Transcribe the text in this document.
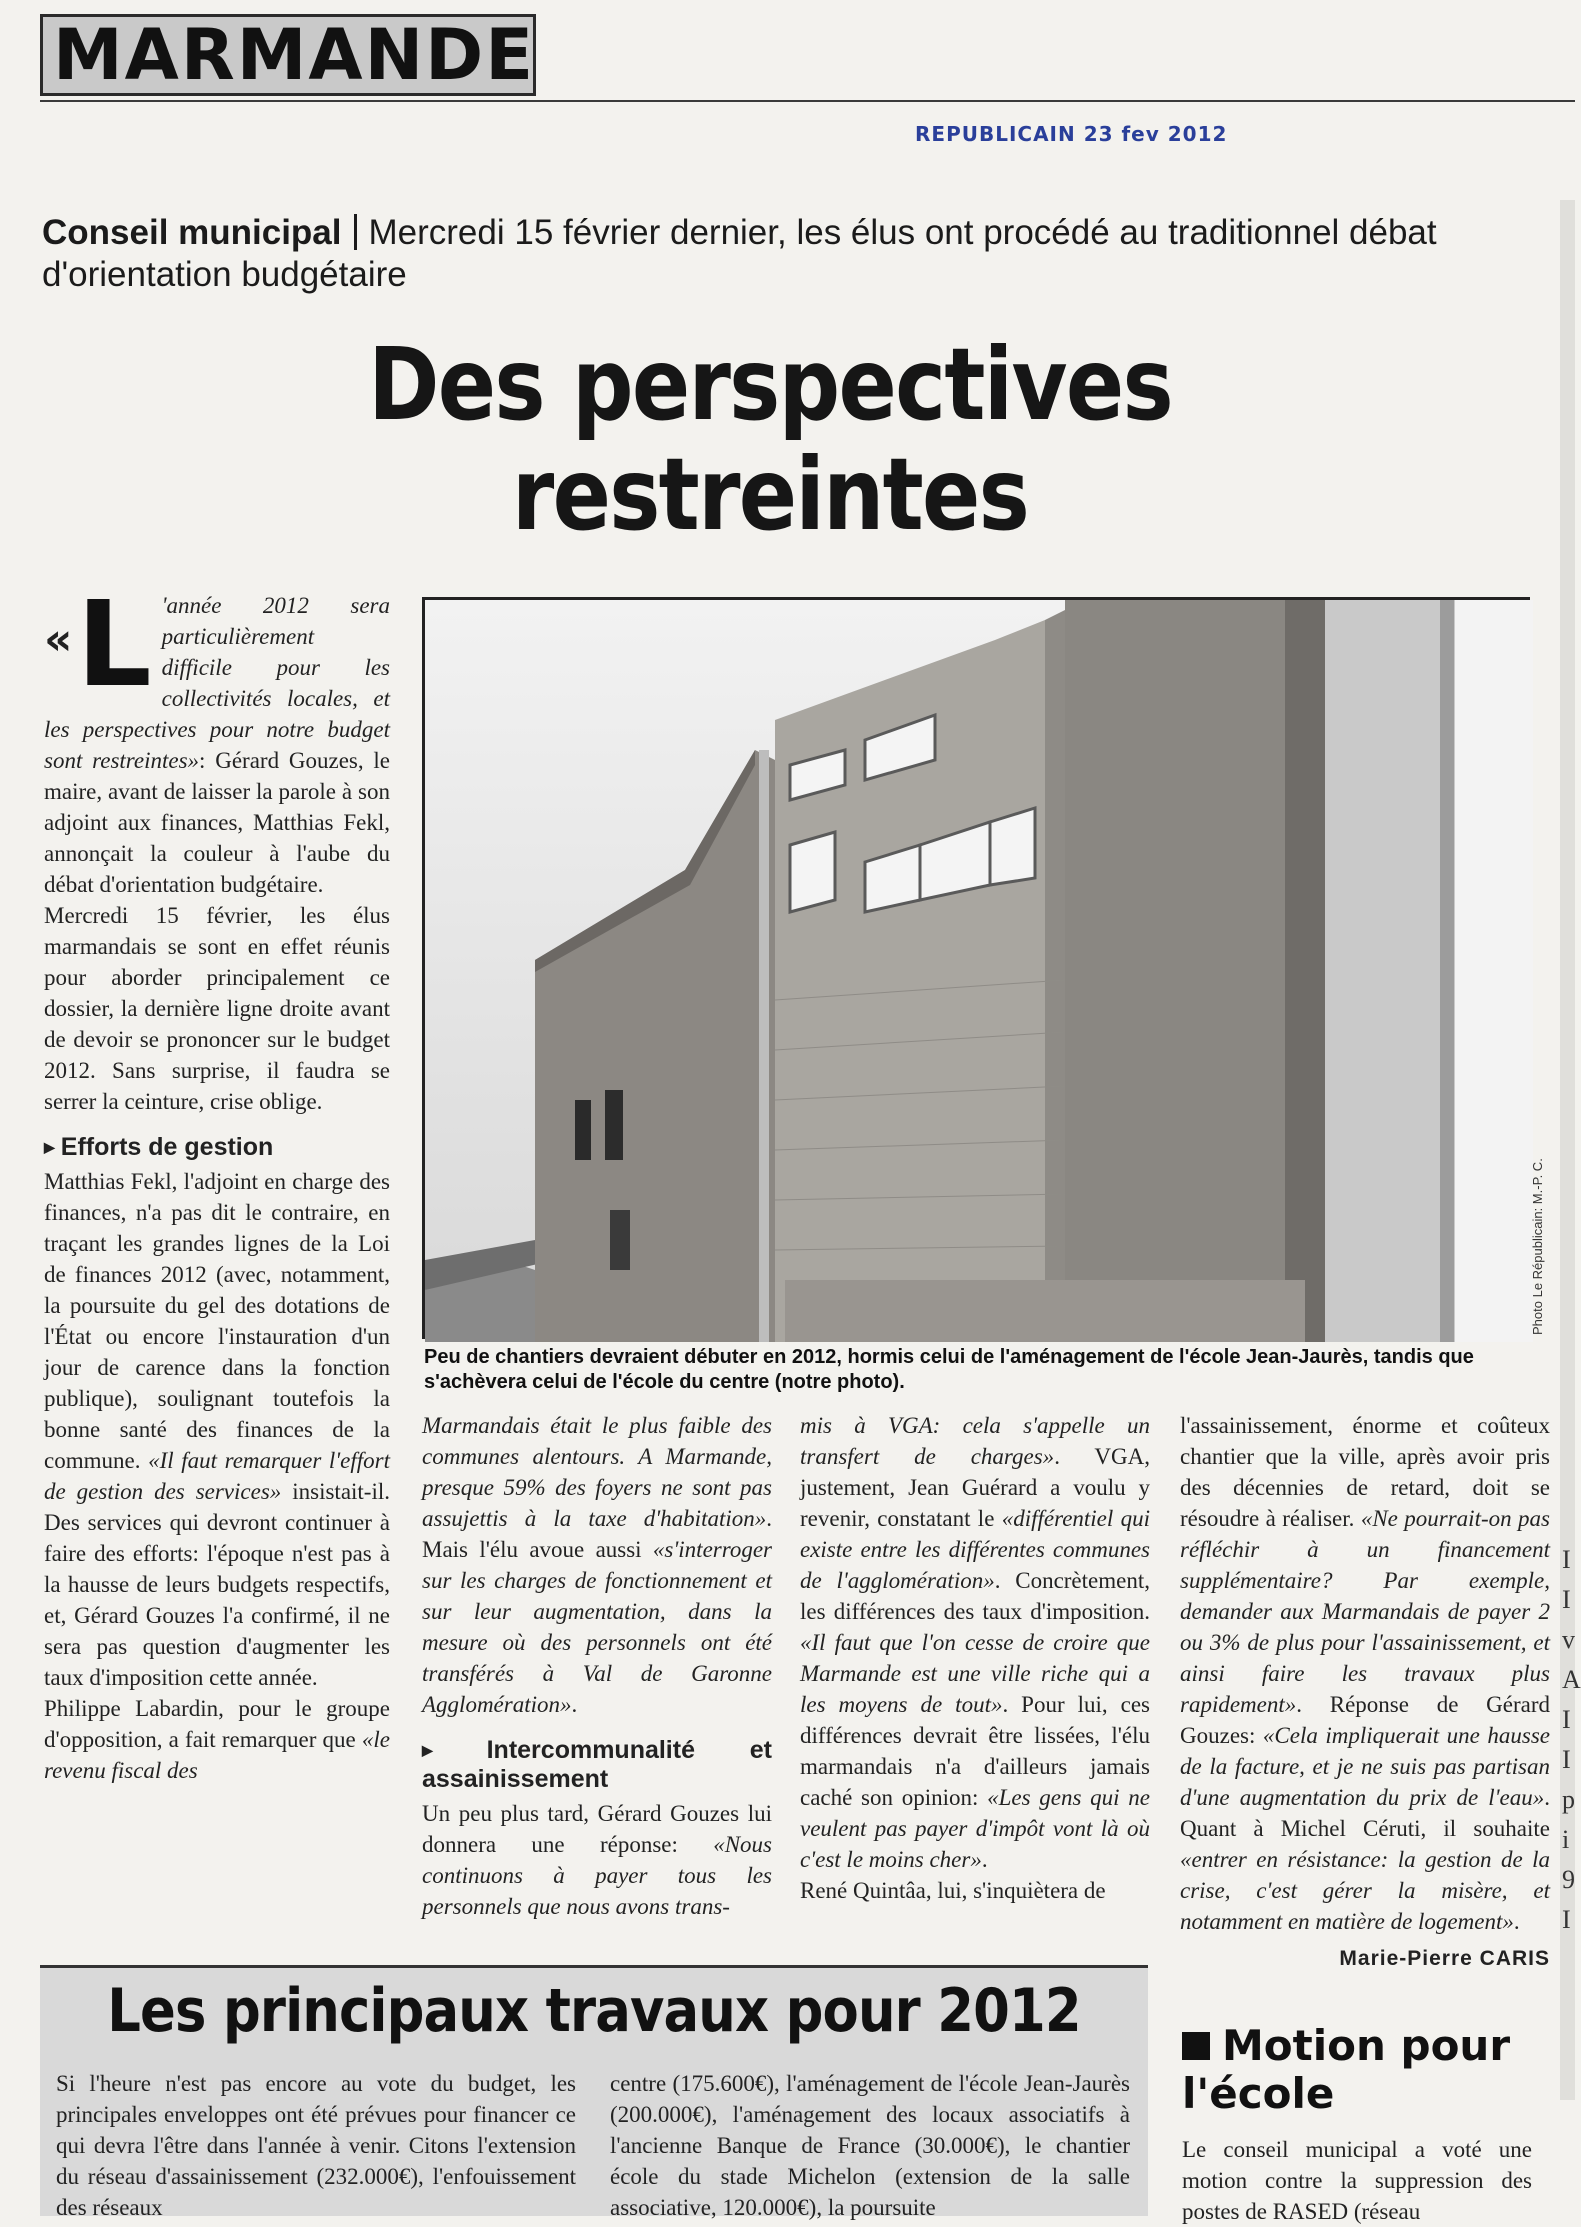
MARMANDE
REPUBLICAIN 23 fev 2012
Conseil municipal Mercredi 15 février dernier, les élus ont procédé au traditionnel débat d'orientation budgétaire
Des perspectives restreintes

« L 'année 2012 sera particulièrement difficile pour les collectivités locales, et les perspectives pour notre budget sont restreintes»: Gérard Gouzes, le maire, avant de laisser la parole à son adjoint aux finances, Matthias Fekl, annonçait la couleur à l'aube du débat d'orientation budgétaire.

Mercredi 15 février, les élus marmandais se sont en effet réunis pour aborder principalement ce dossier, la dernière ligne droite avant de devoir se prononcer sur le budget 2012. Sans surprise, il faudra se serrer la ceinture, crise oblige.

▶ Efforts de gestion

Matthias Fekl, l'adjoint en charge des finances, n'a pas dit le contraire, en traçant les grandes lignes de la Loi de finances 2012 (avec, notamment, la poursuite du gel des dotations de l'État ou encore l'instauration d'un jour de carence dans la fonction publique), soulignant toutefois la bonne santé des finances de la commune. «Il faut remarquer l'effort de gestion des services» insistait-il. Des services qui devront continuer à faire des efforts: l'époque n'est pas à la hausse de leurs budgets respectifs, et, Gérard Gouzes l'a confirmé, il ne sera pas question d'augmenter les taux d'imposition cette année.

Philippe Labardin, pour le groupe d'opposition, a fait remarquer que «le revenu fiscal des

Photo Le Républicain: M.-P. C.
Peu de chantiers devraient débuter en 2012, hormis celui de l'aménagement de l'école Jean-Jaurès, tandis que s'achèvera celui de l'école du centre (notre photo).

Marmandais était le plus faible des communes alentours. A Marmande, presque 59% des foyers ne sont pas assujettis à la taxe d'habitation». Mais l'élu avoue aussi «s'interroger sur les charges de fonctionnement et sur leur augmentation, dans la mesure où des personnels ont été transférés à Val de Garonne Agglomération».

▶ Intercommunalité et assainissement

Un peu plus tard, Gérard Gouzes lui donnera une réponse: «Nous continuons à payer tous les personnels que nous avons trans-

mis à VGA: cela s'appelle un transfert de charges». VGA, justement, Jean Guérard a voulu y revenir, constatant le «différentiel qui existe entre les différentes communes de l'agglomération». Concrètement, les différences des taux d'imposition. «Il faut que l'on cesse de croire que Marmande est une ville riche qui a les moyens de tout». Pour lui, ces différences devrait être lissées, l'élu marmandais n'a d'ailleurs jamais caché son opinion: «Les gens qui ne veulent pas payer d'impôt vont là où c'est le moins cher».

René Quintâa, lui, s'inquiètera de

l'assainissement, énorme et coûteux chantier que la ville, après avoir pris des décennies de retard, doit se résoudre à réaliser. «Ne pourrait-on pas réfléchir à un financement supplémentaire? Par exemple, demander aux Marmandais de payer 2 ou 3% de plus pour l'assainissement, et ainsi faire les travaux plus rapidement». Réponse de Gérard Gouzes: «Cela impliquerait une hausse de la facture, et je ne suis pas partisan d'une augmentation du prix de l'eau». Quant à Michel Céruti, il souhaite «entrer en résistance: la gestion de la crise, c'est gérer la misère, et notamment en matière de logement».

Marie-Pierre CARIS
Les principaux travaux pour 2012
Si l'heure n'est pas encore au vote du budget, les principales enveloppes ont été prévues pour financer ce qui devra l'être dans l'année à venir. Citons l'extension du réseau d'assainissement (232.000€), l'enfouissement des réseaux
centre (175.600€), l'aménagement de l'école Jean-Jaurès (200.000€), l'aménagement des locaux associatifs à l'ancienne Banque de France (30.000€), le chantier école du stade Michelon (extension de la salle associative, 120.000€), la poursuite
Motion pour l'école
Le conseil municipal a voté une motion contre la suppression des postes de RASED (réseau
I I v A I I p i 9 I
